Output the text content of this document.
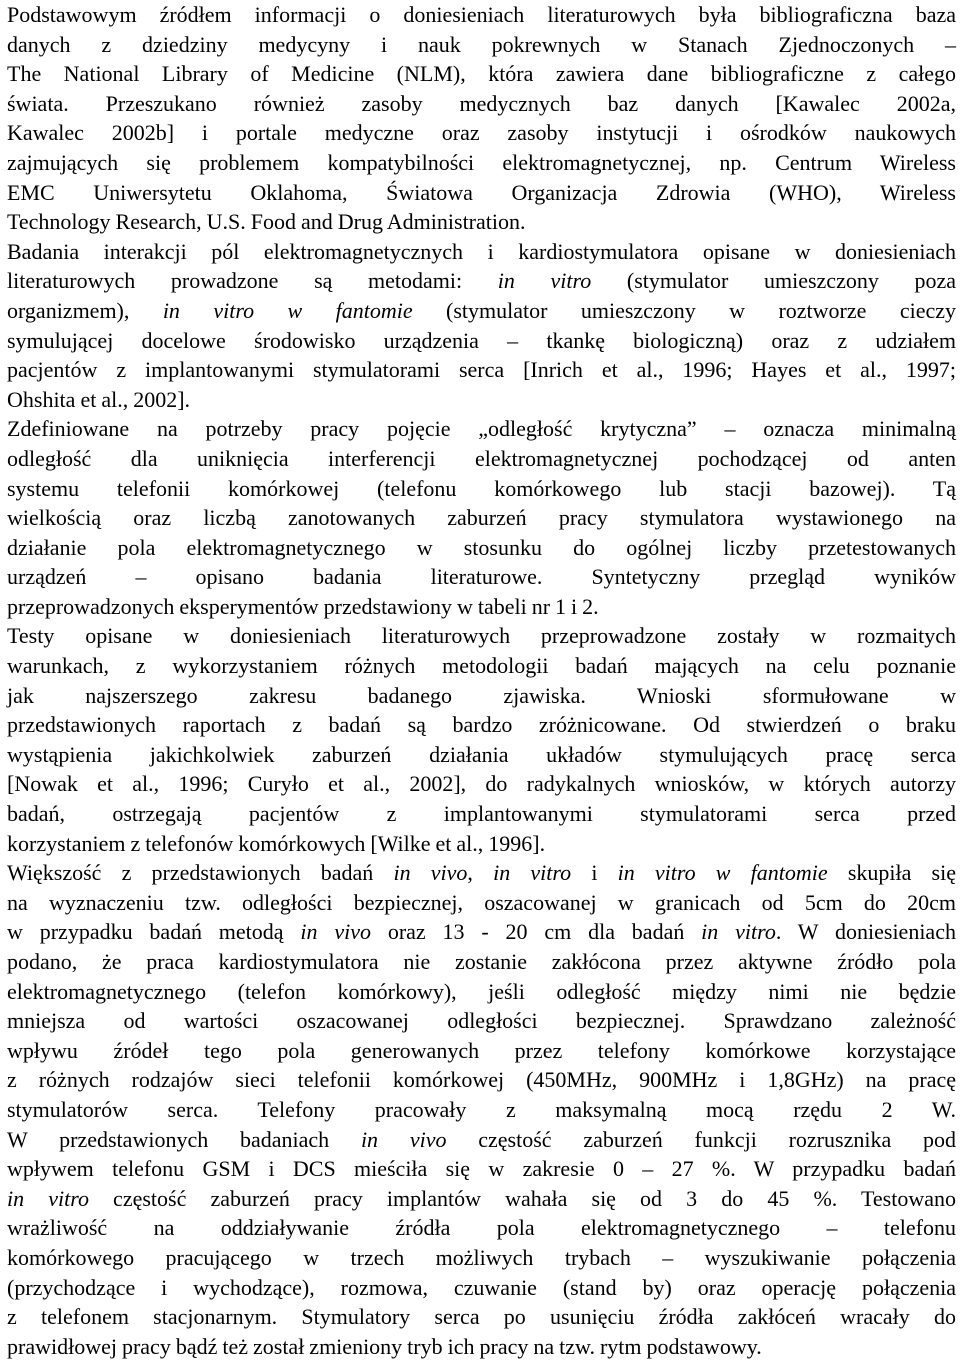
Podstawowym źródłem informacji o doniesieniach literaturowych była bibliograficzna baza
danych z dziedziny medycyny i nauk pokrewnych w Stanach Zjednoczonych –
The National Library of Medicine (NLM), która zawiera dane bibliograficzne z całego
świata. Przeszukano również zasoby medycznych baz danych [Kawalec 2002a,
Kawalec 2002b] i portale medyczne oraz zasoby instytucji i ośrodków naukowych
zajmujących się problemem kompatybilności elektromagnetycznej, np. Centrum Wireless
EMC Uniwersytetu Oklahoma, Światowa Organizacja Zdrowia (WHO), Wireless
Technology Research, U.S. Food and Drug Administration.
Badania interakcji pól elektromagnetycznych i kardiostymulatora opisane w doniesieniach
literaturowych prowadzone są metodami: in vitro (stymulator umieszczony poza
organizmem), in vitro w fantomie (stymulator umieszczony w roztworze cieczy
symulującej docelowe środowisko urządzenia – tkankę biologiczną) oraz z udziałem
pacjentów z implantowanymi stymulatorami serca [Inrich et al., 1996; Hayes et al., 1997;
Ohshita et al., 2002].
Zdefiniowane na potrzeby pracy pojęcie „odległość krytyczna” – oznacza minimalną
odległość dla uniknięcia interferencji elektromagnetycznej pochodzącej od anten
systemu telefonii komórkowej (telefonu komórkowego lub stacji bazowej). Tą
wielkością oraz liczbą zanotowanych zaburzeń pracy stymulatora wystawionego na
działanie pola elektromagnetycznego w stosunku do ogólnej liczby przetestowanych
urządzeń – opisano badania literaturowe. Syntetyczny przegląd wyników
przeprowadzonych eksperymentów przedstawiony w tabeli nr 1 i 2.
Testy opisane w doniesieniach literaturowych przeprowadzone zostały w rozmaitych
warunkach, z wykorzystaniem różnych metodologii badań mających na celu poznanie
jak najszerszego zakresu badanego zjawiska. Wnioski sformułowane w
przedstawionych raportach z badań są bardzo zróżnicowane. Od stwierdzeń o braku
wystąpienia jakichkolwiek zaburzeń działania układów stymulujących pracę serca
[Nowak et al., 1996; Curyło et al., 2002], do radykalnych wniosków, w których autorzy
badań, ostrzegają pacjentów z implantowanymi stymulatorami serca przed
korzystaniem z telefonów komórkowych [Wilke et al., 1996].
Większość z przedstawionych badań in vivo, in vitro i in vitro w fantomie skupiła się
na wyznaczeniu tzw. odległości bezpiecznej, oszacowanej w granicach od 5cm do 20cm
w przypadku badań metodą in vivo oraz 13 - 20 cm dla badań in vitro. W doniesieniach
podano, że praca kardiostymulatora nie zostanie zakłócona przez aktywne źródło pola
elektromagnetycznego (telefon komórkowy), jeśli odległość między nimi nie będzie
mniejsza od wartości oszacowanej odległości bezpiecznej. Sprawdzano zależność
wpływu źródeł tego pola generowanych przez telefony komórkowe korzystające
z różnych rodzajów sieci telefonii komórkowej (450MHz, 900MHz i 1,8GHz) na pracę
stymulatorów serca. Telefony pracowały z maksymalną mocą rzędu 2 W.
W przedstawionych badaniach in vivo częstość zaburzeń funkcji rozrusznika pod
wpływem telefonu GSM i DCS mieściła się w zakresie 0 – 27 %. W przypadku badań
in vitro częstość zaburzeń pracy implantów wahała się od 3 do 45 %. Testowano
wrażliwość na oddziaływanie źródła pola elektromagnetycznego – telefonu
komórkowego pracującego w trzech możliwych trybach – wyszukiwanie połączenia
(przychodzące i wychodzące), rozmowa, czuwanie (stand by) oraz operację połączenia
z telefonem stacjonarnym. Stymulatory serca po usunięciu źródła zakłóceń wracały do
prawidłowej pracy bądź też został zmieniony tryb ich pracy na tzw. rytm podstawowy.
